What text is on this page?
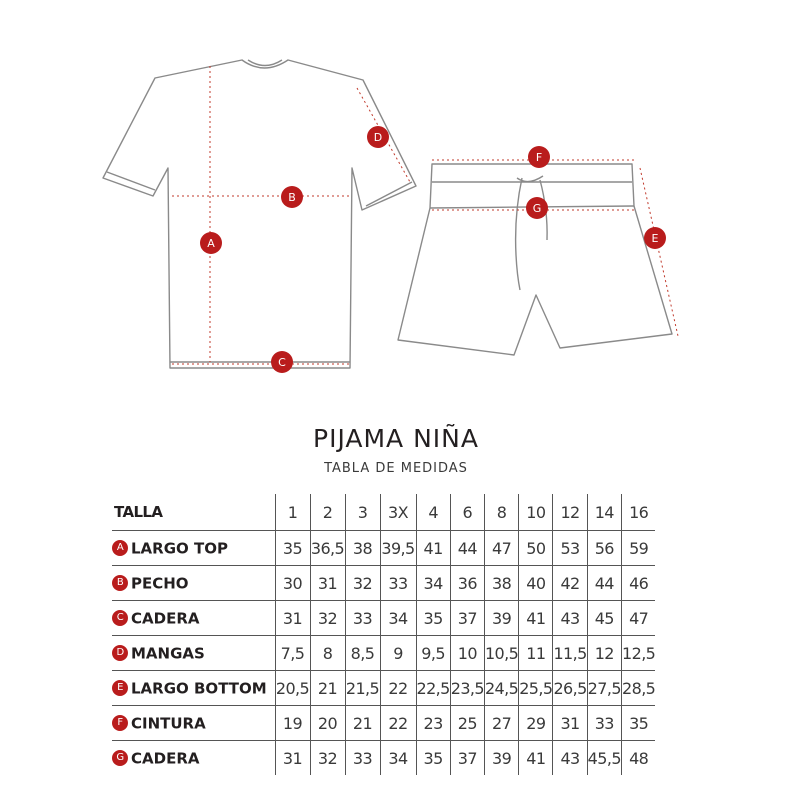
A
B
C
D
E
F
G
PIJAMA NIÑA
TABLA DE MEDIDAS
TALLA	1	2	3	3X	4	6	8	10	12	14	16
A LARGO TOP	35	36,5	38	39,5	41	44	47	50	53	56	59
B PECHO	30	31	32	33	34	36	38	40	42	44	46
C CADERA	31	32	33	34	35	37	39	41	43	45	47
D MANGAS	7,5	8	8,5	9	9,5	10	10,5	11	11,5	12	12,5
E LARGO BOTTOM	20,5	21	21,5	22	22,5	23,5	24,5	25,5	26,5	27,5	28,5
F CINTURA	19	20	21	22	23	25	27	29	31	33	35
G CADERA	31	32	33	34	35	37	39	41	43	45,5	48
